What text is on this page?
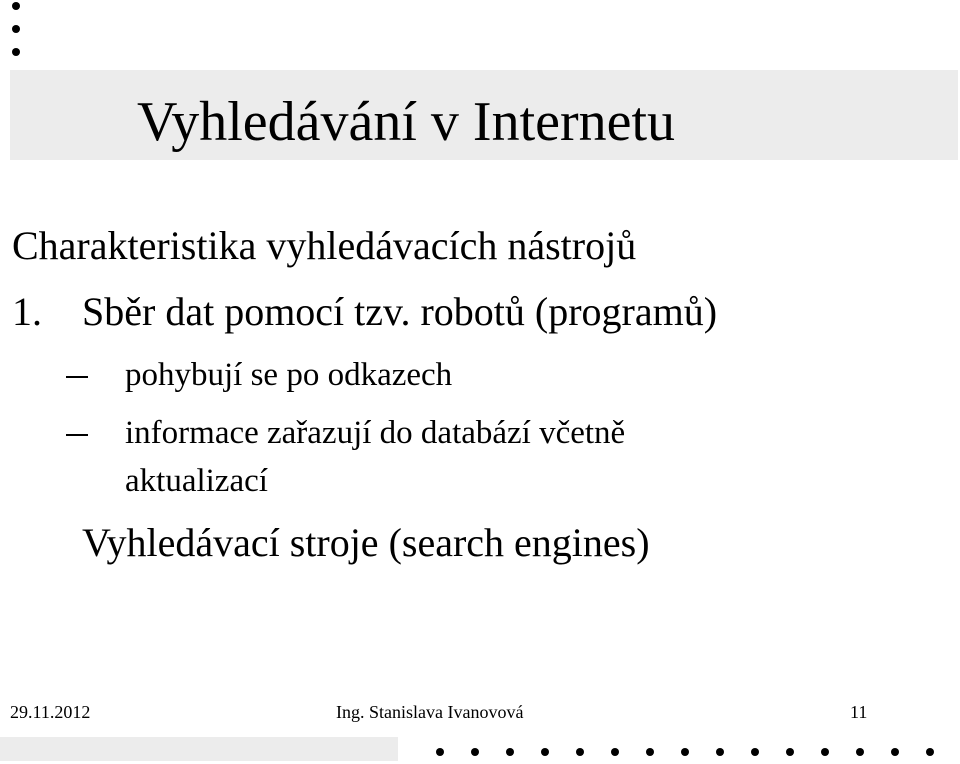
Vyhledávání v Internetu
Charakteristika vyhledávacích nástrojů
1. Sběr dat pomocí tzv. robotů (programů)
pohybují se po odkazech
informace zařazují do databází včetně
aktualizací
Vyhledávací stroje (search engines)
29.11.2012	Ing. Stanislava Ivanovová	11
